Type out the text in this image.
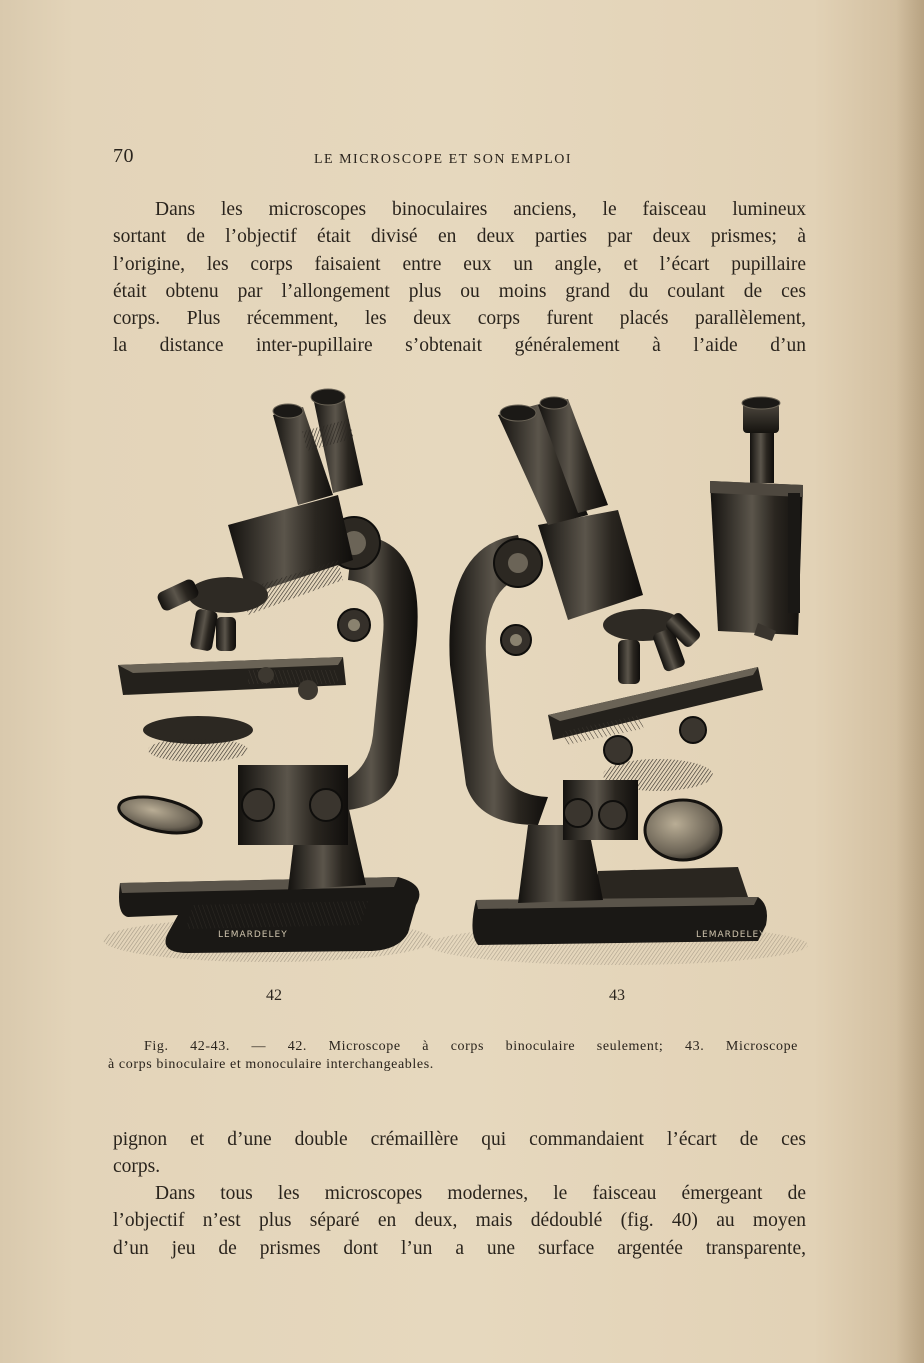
70	LE MICROSCOPE ET SON EMPLOI
Dans les microscopes binoculaires anciens, le faisceau lumineux
sortant de l’objectif était divisé en deux parties par deux prismes; à
l’origine, les corps faisaient entre eux un angle, et l’écart pupillaire
était obtenu par l’allongement plus ou moins grand du coulant de ces
corps. Plus récemment, les deux corps furent placés parallèlement,
la distance inter-pupillaire s’obtenait généralement à l’aide d’un
LEMARDELEY	LEMARDELEY
42	43
Fig. 42-43. — 42. Microscope à corps binoculaire seulement; 43. Microscope
à corps binoculaire et monoculaire interchangeables.
pignon et d’une double crémaillère qui commandaient l’écart de ces
corps.
Dans tous les microscopes modernes, le faisceau émergeant de
l’objectif n’est plus séparé en deux, mais dédoublé (fig. 40) au moyen
d’un jeu de prismes dont l’un a une surface argentée transparente,
